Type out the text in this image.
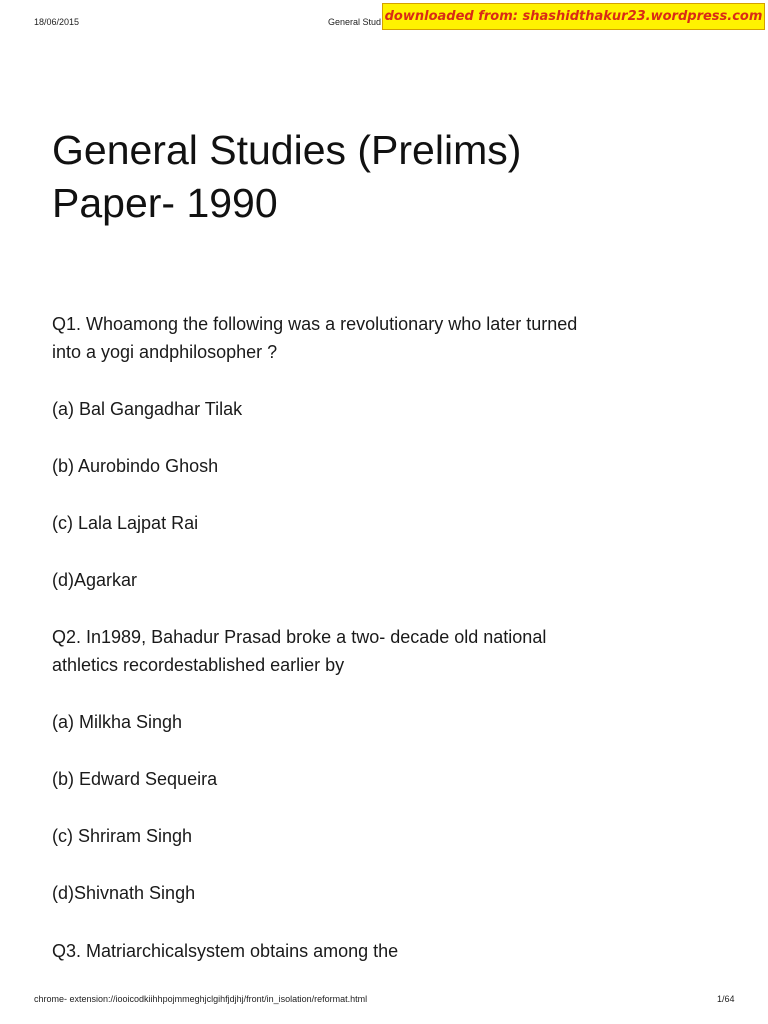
18/06/2015	General Stud downloaded from: shashidthakur23.wordpress.com
General Studies (Prelims)
Paper- 1990
Q1. Whoamong the following was a revolutionary who later turned
into a yogi andphilosopher ?
(a) Bal Gangadhar Tilak
(b) Aurobindo Ghosh
(c) Lala Lajpat Rai
(d)Agarkar
Q2. In1989, Bahadur Prasad broke a two- decade old national
athletics recordestablished earlier by
(a) Milkha Singh
(b) Edward Sequeira
(c) Shriram Singh
(d)Shivnath Singh
Q3. Matriarchicalsystem obtains among the
chrome- extension://iooicodkiihhpojmmeghjclgihfjdjhj/front/in_isolation/reformat.html	1/64
